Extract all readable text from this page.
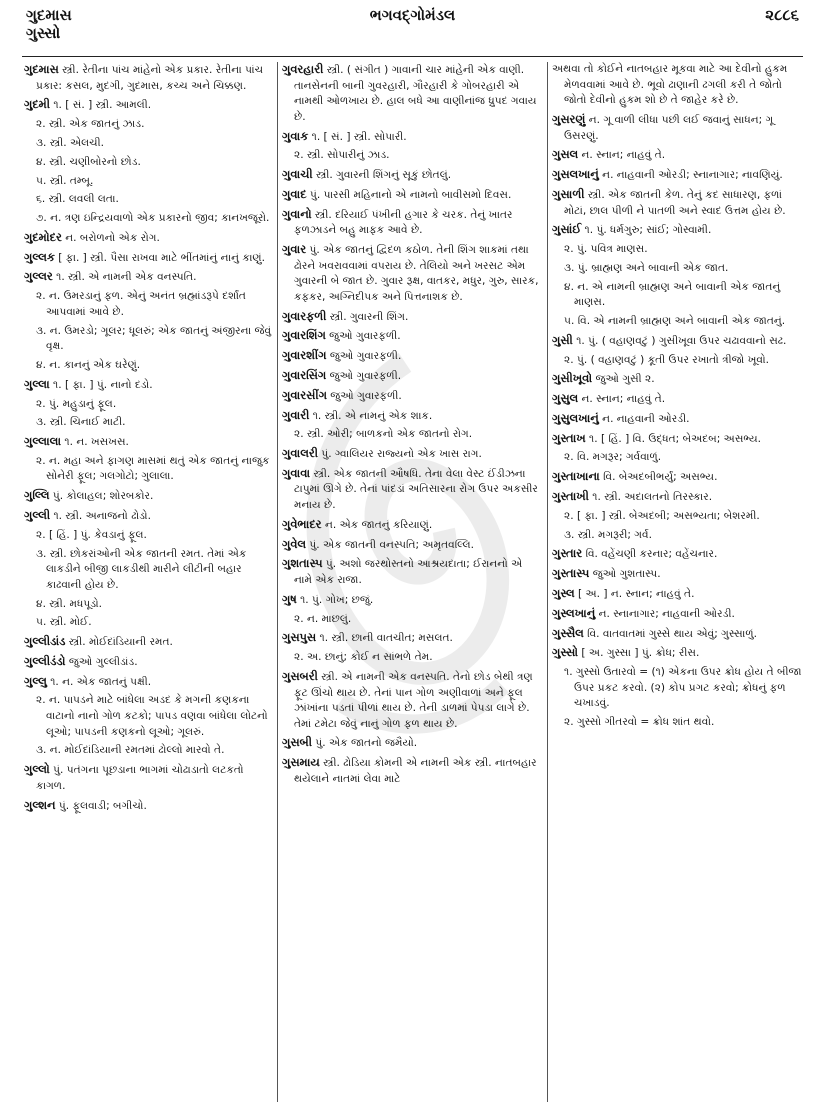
ગુદમાસ
ગુસ્સો
ભગવદ્ગોમંડલ	૨૮૮૬

ગુદમાસ સ્ત્રી. રેતીના પાંચ માંહેનો એક પ્રકાર. રેતીના પાંચ પ્રકાર: કસલ, મુદગી, ગુદમાસ, કચ્ચ અને ચિક્કણ.

ગુદમી ૧. [ સં. ] સ્ત્રી. આમલી.

૨. સ્ત્રી. એક જાતનું ઝાડ.

૩. સ્ત્રી. એલચી.

૪. સ્ત્રી. ચણીબોરનો છોડ.

૫. સ્ત્રી. તમ્બૂ.

૬. સ્ત્રી. લવલી લતા.

૭. ન. ત્રણ ઇન્દ્રિયવાળો એક પ્રકારનો જીવ; કાનખજૂરો.

ગુદમોદર ન. બરોળનો એક રોગ.

ગુલ્લક [ ફા. ] સ્ત્રી. પૈસા રાખવા માટે ભીંતમાંનું નાનું કાણું.

ગુલ્લર ૧. સ્ત્રી. એ નામની એક વનસ્પતિ.

૨. ન. ઉમરડાનું ફળ. એનું અનંત બ્રહ્માંડરૂપે દર્શાંત આપવામાં આવે છે.

૩. ન. ઉમરડો; ગૂલર; ધૂલરું; એક જાતનું અંજીરના જેવું વૃક્ષ.

૪. ન. કાનનું એક ઘરેણું.

ગુલ્લા ૧. [ ફા. ] પું. નાનો દડો.

૨. પું. મહુડાનું ફૂલ.

૩. સ્ત્રી. ચિનાઈ માટી.

ગુલ્લાલા ૧. ન. ખસખસ.

૨. ન. મહા અને ફાગણ માસમાં થતું એક જાતનું નાજુક સોનેરી ફૂલ; ગલગોટો; ગુલાલા.

ગુલ્લિ પું. કોલાહલ; શોરબકોર.

ગુલ્લી ૧. સ્ત્રી. અનાજનો ઢોડો.

૨. [ હિં. ] પું. કેવડાનું ફૂલ.

૩. સ્ત્રી. છોકરાંઓની એક જાતની રમત. તેમાં એક લાકડીને બીજી લાકડીથી મારીને લીટીની બહાર કાઢવાની હોય છે.

૪. સ્ત્રી. મધપૂડો.

૫. સ્ત્રી. મોઈ.

ગુલ્લીડાંડ સ્ત્રી. મોઈદાંડિયાની રમત.

ગુલ્લીડંડો જુઓ ગુલ્લીડાંડ.

ગુલ્લુ ૧. ન. એક જાતનું પક્ષી.

૨. ન. પાપડને માટે બાંધેલા અડદ કે મગની કણકના વાટાનો નાનો ગોળ કટકો; પાપડ વણવા બાંધેલા લોટનો લૂઓ; પાપડની કણકનો લૂઓ; ગૂલરું.

૩. ન. મોઈદાંડિયાની રમતમાં ઢોલ્લો મારવો તે.

ગુલ્લો પું. પતંગના પૂછડાના ભાગમાં ચોઢાડાતો લટકતો કાગળ.

ગુલ્શન પું. ફૂલવાડી; બગીચો.

ગુવરહારી સ્ત્રી. ( સંગીત ) ગાવાની ચાર માંહેની એક વાણી. તાનસેનની બાની ગુવરહારી, ગૌરહારી કે ગોબરહારી એ નામથી ઓળખાય છે. હાલ બધે આ વાણીનાંજ ધ્રુપદ ગવાય છે.

ગુવાક ૧. [ સં. ] સ્ત્રી. સોપારી.

૨. સ્ત્રી. સોપારીનું ઝાડ.

ગુવાચી સ્ત્રી. ગુવારની શિંગનું સૂકું છોતલું.

ગુવાદ પું. પારસી મહિનાનો એ નામનો બાવીસમો દિવસ.

ગુવાનો સ્ત્રી. દરિયાઈ પંખીની હગાર કે ચરક. તેનું ખાતર ફળઝાડને બહુ માફક આવે છે.

ગુવાર પું. એક જાતનું દ્વિદળ કઠોળ. તેની શિંગ શાકમાં તથા ઢોરને ખવરાવવામાં વપરાય છે. તેલિયો અને ખરસટ એમ ગુવારની બે જાત છે. ગુવાર રૂક્ષ, વાતકર, મધુર, ગુરુ, સારક, કફકર, અગ્નિદીપક અને પિત્તનાશક છે.

ગુવારફળી સ્ત્રી. ગુવારની શિંગ.

ગુવારશિંગ જુઓ ગુવારફળી.

ગુવારશીંગ જુઓ ગુવારફળી.

ગુવારસિંગ જુઓ ગુવારફળી.

ગુવારસીંગ જુઓ ગુવારફળી.

ગુવારી ૧. સ્ત્રી. એ નામનું એક શાક.

૨. સ્ત્રી. ઓરી; બાળકનો એક જાતનો રોગ.

ગુવાલરી પું. ગ્વાલિયર રાજ્યનો એક ખાસ રાગ.

ગુવાવા સ્ત્રી. એક જાતની ઔષધિ. તેના વેલા વેસ્ટ ઈંડીઝના ટાપુમાં ઊગે છે. તેનાં પાંદડાં અતિસારના રોગ ઉપર અકસીર મનાય છે.

ગુવેભાદર ન. એક જાતનું કરિયાણું.

ગુવેલ પું. એક જાતની વનસ્પતિ; અમૃતવલ્લિ.

ગુશતાસ્પ પું. અશો જરથોસ્તનો આશ્રયદાતા; ઈરાનનો એ નામે એક રાજા.

ગુષ ૧. પું. ગોખ; છજું.

૨. ન. માછલું.

ગુસપુસ ૧. સ્ત્રી. છાની વાતચીત; મસલત.

૨. અ. છાનું; કોઈ ન સાંભળે તેમ.

ગુસબરી સ્ત્રી. એ નામની એક વનસ્પતિ. તેનો છોડ બેથી ત્રણ ફૂટ ઊંચો થાય છે. તેનાં પાન ગોળ અણીવાળાં અને ફૂલ ઝાંખાંના પડતાં પીળાં થાય છે. તેની ડાળમાં પેપડા લાગે છે. તેમાં ટમેટા જેવું નાનું ગોળ ફળ થાય છે.

ગુસબી પું. એક જાતનો જમૈયો.

ગુસમાય સ્ત્રી. ઢોડિયા કોમની એ નામની એક સ્ત્રી. નાતબહાર થયેલાને નાતમાં લેવા માટે

અથવા તો કોઈને નાતબહાર મૂકવા માટે આ દેવીનો હુકમ મેળવવામાં આવે છે. ભૂવો ઢાણાની ઢગલી કરી તે જોતો જોતો દેવીનો હુકમ શો છે તે જાહેર કરે છે.

ગુસરણું ન. ગૂ વાળી લીધા પછી લઈ જવાનું સાધન; ગૂ ઉસરણું.

ગુસલ ન. સ્નાન; નાહવું તે.

ગુસલખાનું ન. નાહવાની ઓરડી; સ્નાનાગાર; નાવણિયું.

ગુસાળી સ્ત્રી. એક જાતની કેળ. તેનું કદ સાધારણ, ફળાં મોટાં, છાલ પીળી ને પાતળી અને સ્વાદ ઉત્તમ હોય છે.

ગુસાંઈ ૧. પું. ધર્મગુરુ; સાંઈ; ગોસ્વામી.

૨. પું. પવિત્ર માણસ.

૩. પું. બ્રાહ્મણ અને બાવાની એક જાત.

૪. ન. એ નામની બ્રાહ્મણ અને બાવાની એક જાતનું માણસ.

૫. વિ. એ નામની બ્રાહ્મણ અને બાવાની એક જાતનું.

ગુસી ૧. પું. ( વહાણવટું ) ગુસીખૂવા ઉપર ચઢાવવાનો સઢ.

૨. પું. ( વહાણવટું ) કૂતી ઉપર રખાતો ત્રીજો ખૂવો.

ગુસીખૂવો જુઓ ગુસી ૨.

ગુસુલ ન. સ્નાન; નાહવું તે.

ગુસુલખાનું ન. નાહવાની ઓરડી.

ગુસ્તાખ ૧. [ હિં. ] વિ. ઉદ્ધત; બેઅદબ; અસભ્ય.

૨. વિ. મગરૂર; ગર્વવાળું.

ગુસ્તાખાના વિ. બેઅદબીભર્યું; અસભ્ય.

ગુસ્તાખી ૧. સ્ત્રી. અદાલતનો તિરસ્કાર.

૨. [ ફા. ] સ્ત્રી. બેઅદબી; અસભ્યતા; બેશરમી.

૩. સ્ત્રી. મગરૂરી; ગર્વ.

ગુસ્તાર વિ. વહેંચણી કરનાર; વહેંચનાર.

ગુસ્તાસ્પ જુઓ ગુશતાસ્પ.

ગુસ્લ [ અ. ] ન. સ્નાન; નાહવું તે.

ગુસ્લખાનું ન. સ્નાનાગાર; નાહવાની ઓરડી.

ગુસ્સૈલ વિ. વાતવાતમાં ગુસ્સે થાય એવું; ગુસ્સાળું.

ગુસ્સો [ અ. ગુસ્સા ] પું. ક્રોધ; રીસ.

૧. ગુસ્સો ઉતારવો = (૧) એકના ઉપર ક્રોધ હોય તે બીજા ઉપર પ્રકટ કરવો. (૨) કોપ પ્રગટ કરવો; ક્રોધનું ફળ ચખાડવું.

૨. ગુસ્સો ગીતરવો = ક્રોધ શાંત થવો.
